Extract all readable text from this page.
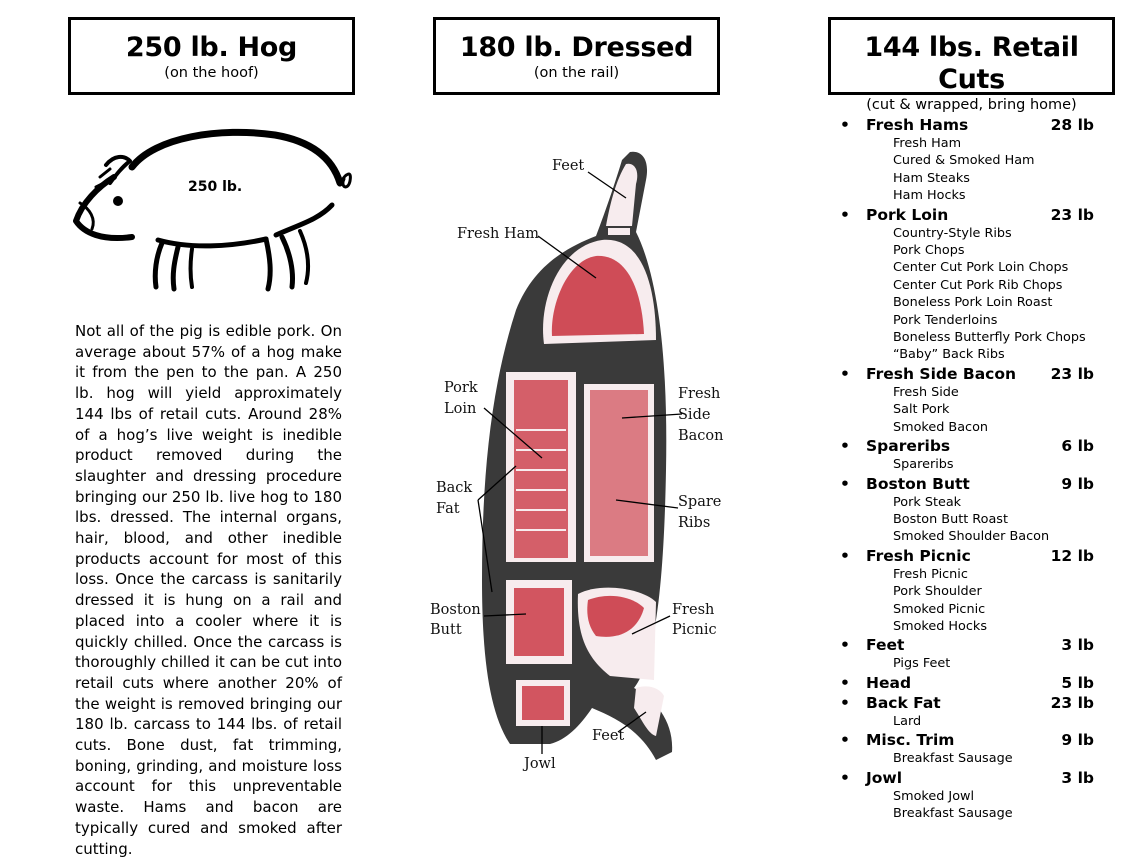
250 lb. Hog
(on the hoof)
180 lb. Dressed
(on the rail)
144 lbs. Retail Cuts
(cut & wrapped, bring home)
250 lb.
Not all of the pig is edible pork. On average about 57% of a hog make it from the pen to the pan. A 250 lb. hog will yield approximately 144 lbs of retail cuts. Around 28% of a hog’s live weight is inedible product removed during the slaughter and dressing procedure bringing our 250 lb. live hog to 180 lbs. dressed. The internal organs, hair, blood, and other inedible products account for most of this loss. Once the carcass is sanitarily dressed it is hung on a rail and placed into a cooler where it is quickly chilled. Once the carcass is thoroughly chilled it can be cut into retail cuts where another 20% of the weight is removed bringing our 180 lb. carcass to 144 lbs. of retail cuts. Bone dust, fat trimming, boning, grinding, and moisture loss account for this unpreventable waste. Hams and bacon are typically cured and smoked after cutting.
Feet
Fresh Ham
Pork
Loin
Fresh
Side
Bacon
Back
Fat	Spare
Ribs
Boston
Butt
Fresh
Picnic
Feet
Jowl
• Fresh Hams	28 lb
Fresh Ham
Cured & Smoked Ham
Ham Steaks
Ham Hocks
• Pork Loin	23 lb
Country-Style Ribs
Pork Chops
Center Cut Pork Loin Chops
Center Cut Pork Rib Chops
Boneless Pork Loin Roast
Pork Tenderloins
Boneless Butterfly Pork Chops
“Baby” Back Ribs
• Fresh Side Bacon 23 lb
Fresh Side
Salt Pork
Smoked Bacon
• Spareribs	6 lb
Spareribs
• Boston Butt	9 lb
Pork Steak
Boston Butt Roast
Smoked Shoulder Bacon
• Fresh Picnic	12 lb
Fresh Picnic
Pork Shoulder
Smoked Picnic
Smoked Hocks
• Feet	3 lb
Pigs Feet
• Head	5 lb
• Back Fat	23 lb
Lard
• Misc. Trim	9 lb
Breakfast Sausage
• Jowl	3 lb
Smoked Jowl
Breakfast Sausage
